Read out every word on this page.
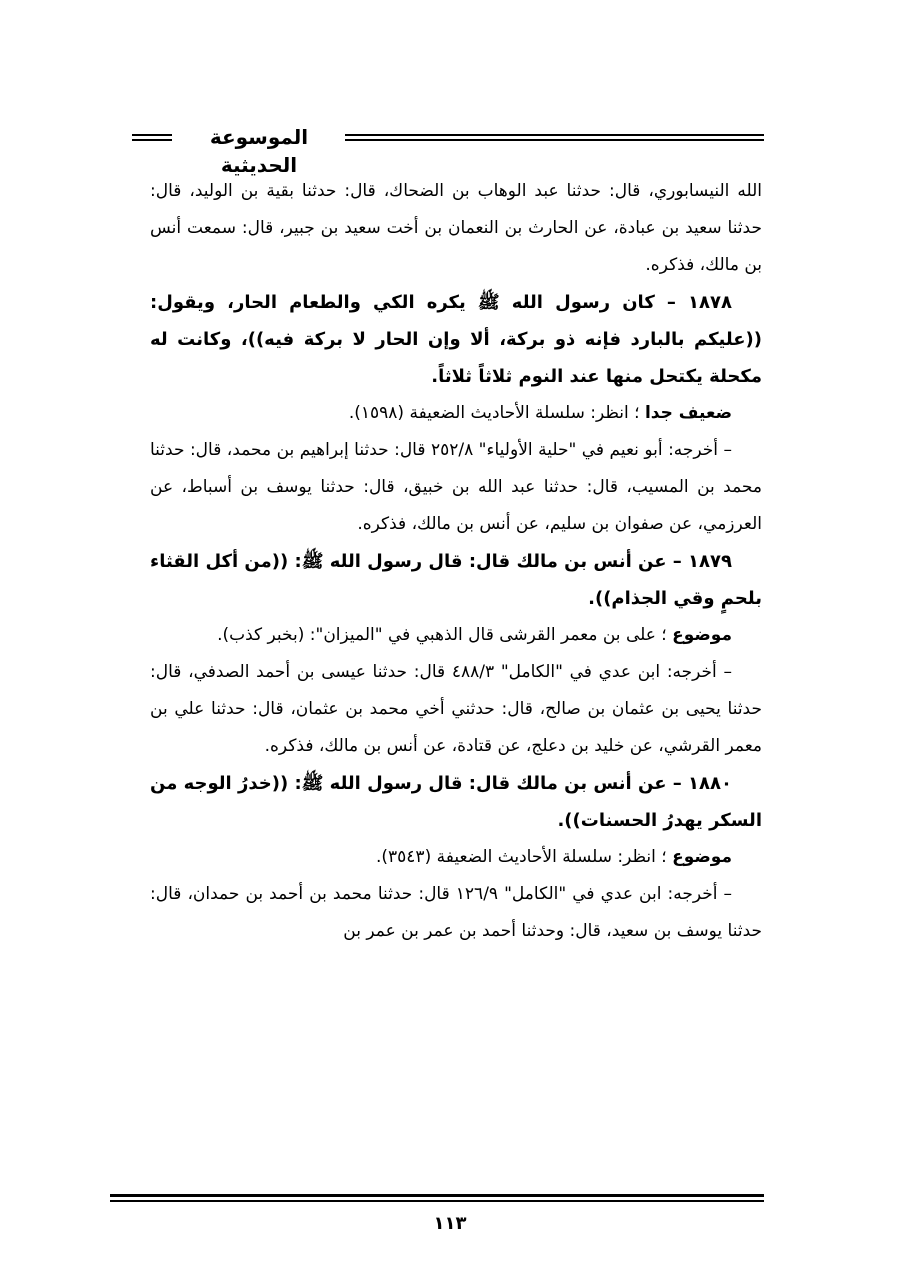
الموسوعة الحديثية

الله النيسابوري، قال: حدثنا عبد الوهاب بن الضحاك، قال: حدثنا بقية بن الوليد، قال: حدثنا سعيد بن عبادة، عن الحارث بن النعمان بن أخت سعيد بن جبير، قال: سمعت أنس بن مالك، فذكره.

١٨٧٨ – كان رسول الله ﷺ يكره الكي والطعام الحار، ويقول: ((عليكم بالبارد فإنه ذو بركة، ألا وإن الحار لا بركة فيه))، وكانت له مكحلة يكتحل منها عند النوم ثلاثاً ثلاثاً.

ضعيف جدا ؛ انظر: سلسلة الأحاديث الضعيفة (١٥٩٨).

– أخرجه: أبو نعيم في "حلية الأولياء" ٢٥٢/٨ قال: حدثنا إبراهيم بن محمد، قال: حدثنا محمد بن المسيب، قال: حدثنا عبد الله بن خبيق، قال: حدثنا يوسف بن أسباط، عن العرزمي، عن صفوان بن سليم، عن أنس بن مالك، فذكره.

١٨٧٩ – عن أنس بن مالك قال: قال رسول الله ﷺ: ((من أكل القثاء بلحمٍ وقي الجذام)).

موضوع ؛ على بن معمر القرشى قال الذهبي في "الميزان": (بخبر كذب).

– أخرجه: ابن عدي في "الكامل" ٤٨٨/٣ قال: حدثنا عيسى بن أحمد الصدفي، قال: حدثنا يحيى بن عثمان بن صالح، قال: حدثني أخي محمد بن عثمان، قال: حدثنا علي بن معمر القرشي، عن خليد بن دعلج، عن قتادة، عن أنس بن مالك، فذكره.

١٨٨٠ – عن أنس بن مالك قال: قال رسول الله ﷺ: ((خدرُ الوجه من السكر يهدرُ الحسنات)).

موضوع ؛ انظر: سلسلة الأحاديث الضعيفة (٣٥٤٣).

– أخرجه: ابن عدي في "الكامل" ١٢٦/٩ قال: حدثنا محمد بن أحمد بن حمدان، قال: حدثنا يوسف بن سعيد، قال: وحدثنا أحمد بن عمر بن عمر بن

١١٣
